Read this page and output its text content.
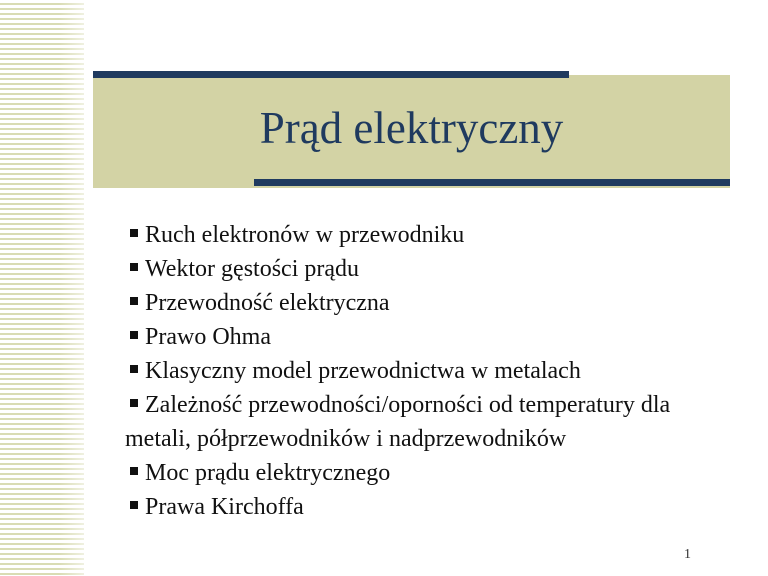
Prąd elektryczny
Ruch elektronów w przewodniku
Wektor gęstości prądu
Przewodność elektryczna
Prawo Ohma
Klasyczny model przewodnictwa w metalach
Zależność przewodności/oporności od temperatury dla metali, półprzewodników i nadprzewodników
Moc prądu elektrycznego
Prawa Kirchoffa
1
